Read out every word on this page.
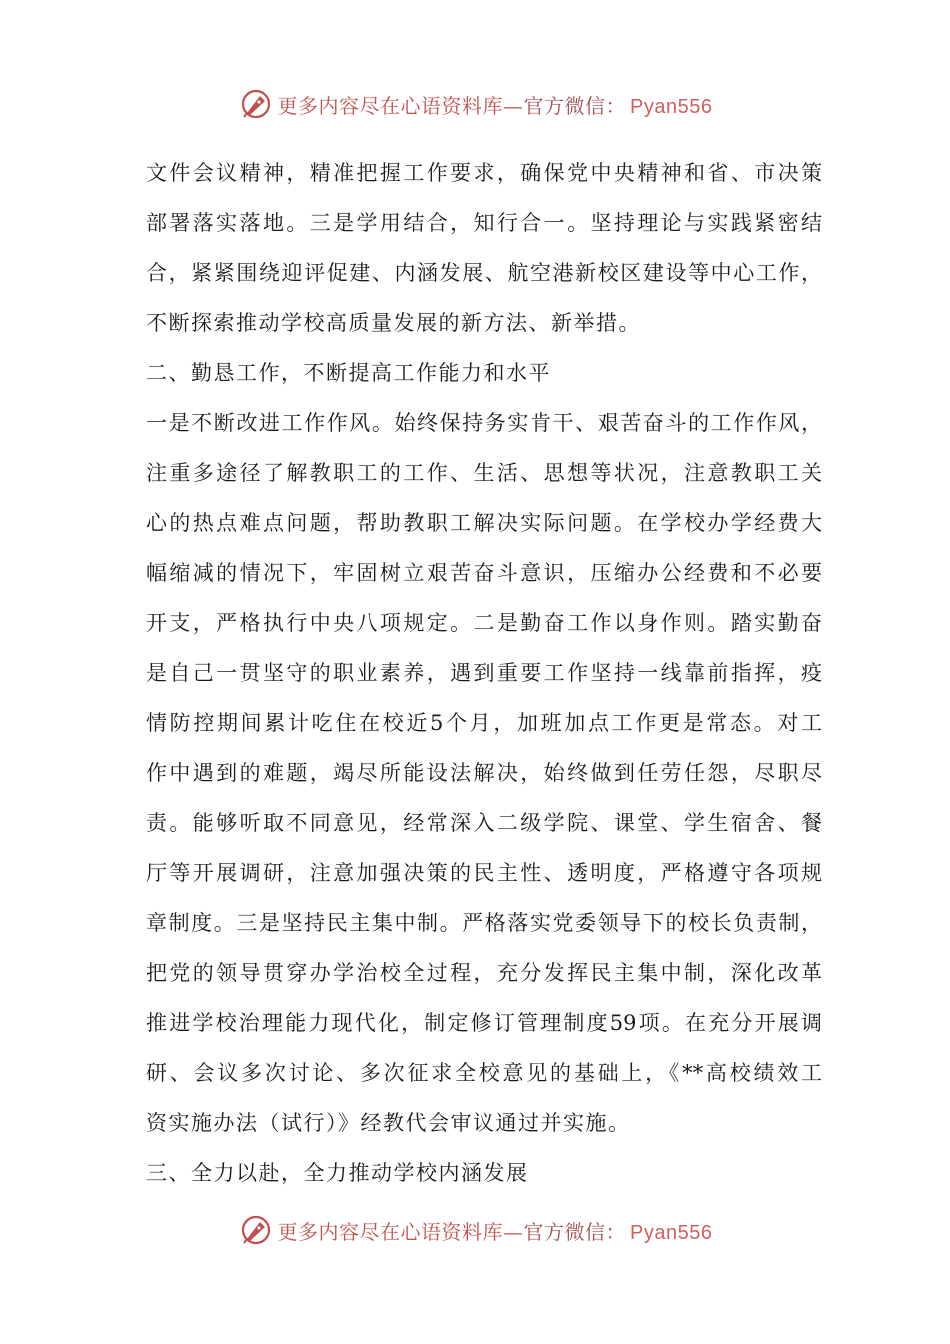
更多内容尽在心语资料库—官方微信： Pyan556
文件会议精神，精准把握工作要求，确保党中央精神和省、市决策
部署落实落地。三是学用结合，知行合一。坚持理论与实践紧密结
合，紧紧围绕迎评促建、内涵发展、航空港新校区建设等中心工作，
不断探索推动学校高质量发展的新方法、新举措。
二、勤恳工作，不断提高工作能力和水平
一是不断改进工作作风。始终保持务实肯干、艰苦奋斗的工作作风，
注重多途径了解教职工的工作、生活、思想等状况，注意教职工关
心的热点难点问题，帮助教职工解决实际问题。在学校办学经费大
幅缩减的情况下，牢固树立艰苦奋斗意识，压缩办公经费和不必要
开支，严格执行中央八项规定。二是勤奋工作以身作则。踏实勤奋
是自己一贯坚守的职业素养，遇到重要工作坚持一线靠前指挥，疫
情防控期间累计吃住在校近5个月，加班加点工作更是常态。对工
作中遇到的难题，竭尽所能设法解决，始终做到任劳任怨，尽职尽
责。能够听取不同意见，经常深入二级学院、课堂、学生宿舍、餐
厅等开展调研，注意加强决策的民主性、透明度，严格遵守各项规
章制度。三是坚持民主集中制。严格落实党委领导下的校长负责制，
把党的领导贯穿办学治校全过程，充分发挥民主集中制，深化改革
推进学校治理能力现代化，制定修订管理制度59项。在充分开展调
研、会议多次讨论、多次征求全校意见的基础上，《**高校绩效工
资实施办法（试行）》经教代会审议通过并实施。
三、全力以赴，全力推动学校内涵发展
更多内容尽在心语资料库—官方微信： Pyan556
